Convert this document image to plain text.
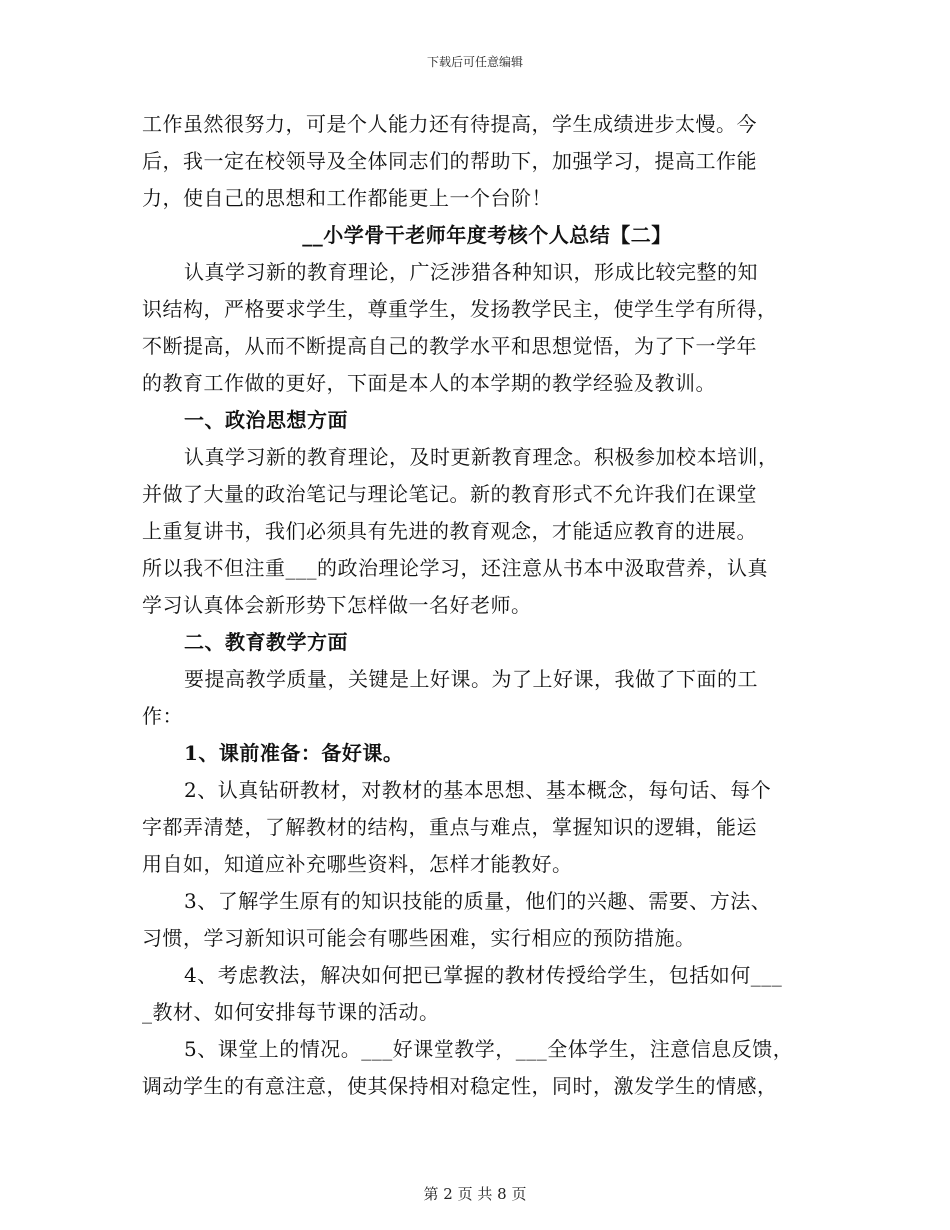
下载后可任意编辑
工作虽然很努力，可是个人能力还有待提高，学生成绩进步太慢。今
后，我一定在校领导及全体同志们的帮助下，加强学习，提高工作能
力，使自己的思想和工作都能更上一个台阶！
__小学骨干老师年度考核个人总结【二】
认真学习新的教育理论，广泛涉猎各种知识，形成比较完整的知
识结构，严格要求学生，尊重学生，发扬教学民主，使学生学有所得，
不断提高，从而不断提高自己的教学水平和思想觉悟，为了下一学年
的教育工作做的更好，下面是本人的本学期的教学经验及教训。
一、政治思想方面
认真学习新的教育理论，及时更新教育理念。积极参加校本培训，
并做了大量的政治笔记与理论笔记。新的教育形式不允许我们在课堂
上重复讲书，我们必须具有先进的教育观念，才能适应教育的进展。
所以我不但注重___的政治理论学习，还注意从书本中汲取营养，认真
学习认真体会新形势下怎样做一名好老师。
二、教育教学方面
要提高教学质量，关键是上好课。为了上好课，我做了下面的工
作：
1、课前准备：备好课。
2、认真钻研教材，对教材的基本思想、基本概念，每句话、每个
字都弄清楚，了解教材的结构，重点与难点，掌握知识的逻辑，能运
用自如，知道应补充哪些资料，怎样才能教好。
3、了解学生原有的知识技能的质量，他们的兴趣、需要、方法、
习惯，学习新知识可能会有哪些困难，实行相应的预防措施。
4、考虑教法，解决如何把已掌握的教材传授给学生，包括如何___
_教材、如何安排每节课的活动。
5、课堂上的情况。___好课堂教学，___全体学生，注意信息反馈，
调动学生的有意注意，使其保持相对稳定性，同时，激发学生的情感，
第 2 页 共 8 页
